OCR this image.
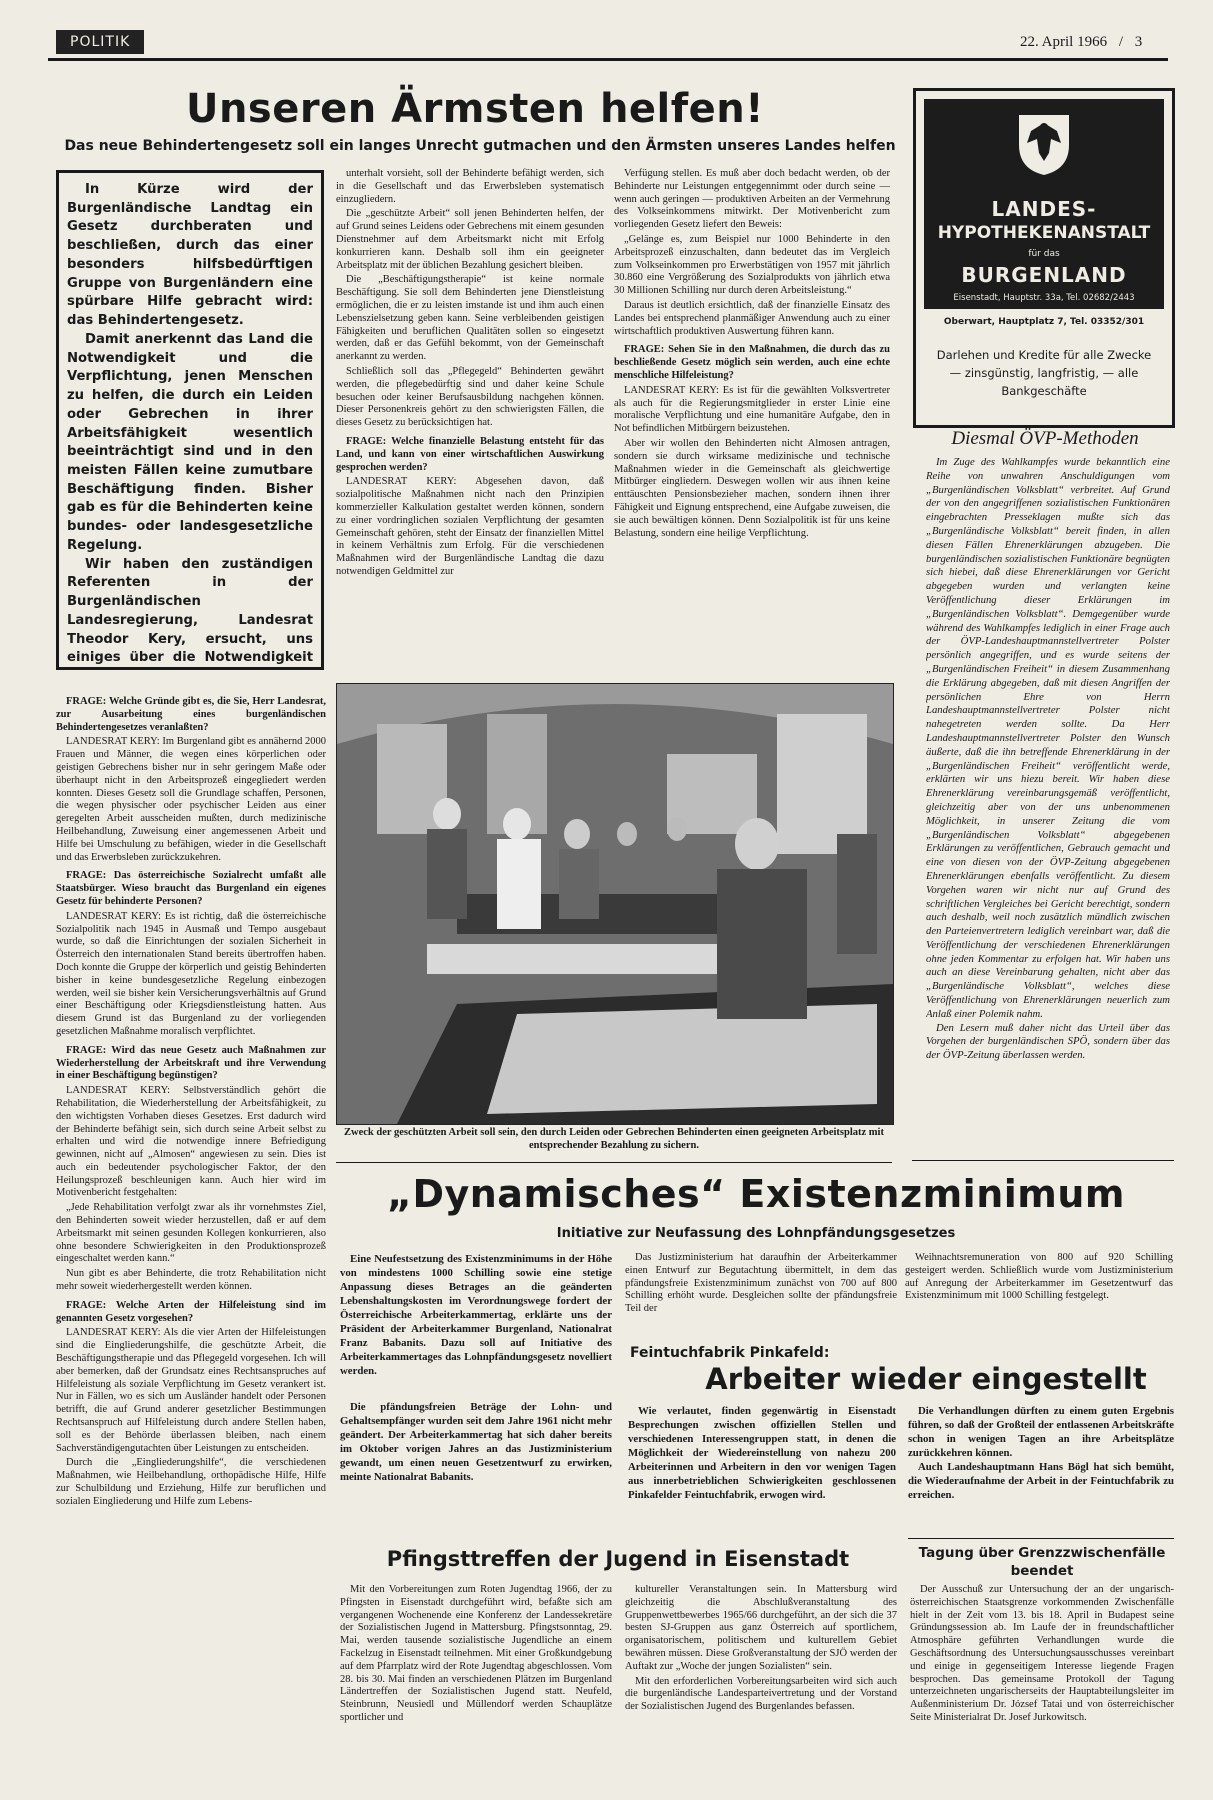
POLITIK	22. April 1966 / 3
Unseren Ärmsten helfen!
Das neue Behindertengesetz soll ein langes Unrecht gutmachen und den Ärmsten unseres Landes helfen

In Kürze wird der Burgenländische Landtag ein Gesetz durchberaten und beschließen, durch das einer besonders hilfsbedürftigen Gruppe von Burgenländern eine spürbare Hilfe gebracht wird: das Behindertengesetz.

Damit anerkennt das Land die Notwendigkeit und die Verpflichtung, jenen Menschen zu helfen, die durch ein Leiden oder Gebrechen in ihrer Arbeitsfähigkeit wesentlich beeinträchtigt sind und in den meisten Fällen keine zumutbare Beschäftigung finden. Bisher gab es für die Behinderten keine bundes- oder landesgesetzliche Regelung.

Wir haben den zuständigen Referenten in der Burgenländischen Landesregierung, Landesrat Theodor Kery, ersucht, uns einiges über die Notwendigkeit

FRAGE: Welche Gründe gibt es, die Sie, Herr Landesrat, zur Ausarbeitung eines burgenländischen Behindertengesetzes veranlaßten?

LANDESRAT KERY: Im Burgenland gibt es annähernd 2000 Frauen und Männer, die wegen eines körperlichen oder geistigen Gebrechens bisher nur in sehr geringem Maße oder überhaupt nicht in den Arbeitsprozeß eingegliedert werden konnten. Dieses Gesetz soll die Grundlage schaffen, Personen, die wegen physischer oder psychischer Leiden aus einer geregelten Arbeit ausscheiden mußten, durch medizinische Heilbehandlung, Zuweisung einer angemessenen Arbeit und Hilfe bei Umschulung zu befähigen, wieder in die Gesellschaft und das Erwerbsleben zurückzukehren.

FRAGE: Das österreichische Sozialrecht umfaßt alle Staatsbürger. Wieso braucht das Burgenland ein eigenes Gesetz für behinderte Personen?

LANDESRAT KERY: Es ist richtig, daß die österreichische Sozialpolitik nach 1945 in Ausmaß und Tempo ausgebaut wurde, so daß die Einrichtungen der sozialen Sicherheit in Österreich den internationalen Stand bereits übertroffen haben. Doch konnte die Gruppe der körperlich und geistig Behinderten bisher in keine bundesgesetzliche Regelung einbezogen werden, weil sie bisher kein Versicherungsverhältnis auf Grund einer Beschäftigung oder Kriegsdienstleistung hatten. Aus diesem Grund ist das Burgenland zu der vorliegenden gesetzlichen Maßnahme moralisch verpflichtet.

FRAGE: Wird das neue Gesetz auch Maßnahmen zur Wiederherstellung der Arbeitskraft und ihre Verwendung in einer Beschäftigung begünstigen?

LANDESRAT KERY: Selbstverständlich gehört die Rehabilitation, die Wiederherstellung der Arbeitsfähigkeit, zu den wichtigsten Vorhaben dieses Gesetzes. Erst dadurch wird der Behinderte befähigt sein, sich durch seine Arbeit selbst zu erhalten und wird die notwendige innere Befriedigung gewinnen, nicht auf „Almosen“ angewiesen zu sein. Dies ist auch ein bedeutender psychologischer Faktor, der den Heilungsprozeß beschleunigen kann. Auch hier wird im Motivenbericht festgehalten:

„Jede Rehabilitation verfolgt zwar als ihr vornehmstes Ziel, den Behinderten soweit wieder herzustellen, daß er auf dem Arbeitsmarkt mit seinen gesunden Kollegen konkurrieren, also ohne besondere Schwierigkeiten in den Produktionsprozeß eingeschaltet werden kann.“

Nun gibt es aber Behinderte, die trotz Rehabilitation nicht mehr soweit wiederhergestellt werden können.

FRAGE: Welche Arten der Hilfeleistung sind im genannten Gesetz vorgesehen?

LANDESRAT KERY: Als die vier Arten der Hilfeleistungen sind die Eingliederungshilfe, die geschützte Arbeit, die Beschäftigungstherapie und das Pflegegeld vorgesehen. Ich will aber bemerken, daß der Grundsatz eines Rechtsanspruches auf Hilfeleistung als soziale Verpflichtung im Gesetz verankert ist. Nur in Fällen, wo es sich um Ausländer handelt oder Personen betrifft, die auf Grund anderer gesetzlicher Bestimmungen Rechtsanspruch auf Hilfeleistung durch andere Stellen haben, soll es der Behörde überlassen bleiben, nach einem Sachverständigengutachten über Leistungen zu entscheiden.

Durch die „Eingliederungshilfe“, die verschiedenen Maßnahmen, wie Heilbehandlung, orthopädische Hilfe, Hilfe zur Schulbildung und Erziehung, Hilfe zur beruflichen und sozialen Eingliederung und Hilfe zum Lebens-

unterhalt vorsieht, soll der Behinderte befähigt werden, sich in die Gesellschaft und das Erwerbsleben systematisch einzugliedern.

Die „geschützte Arbeit“ soll jenen Behinderten helfen, der auf Grund seines Leidens oder Gebrechens mit einem gesunden Dienstnehmer auf dem Arbeitsmarkt nicht mit Erfolg konkurrieren kann. Deshalb soll ihm ein geeigneter Arbeitsplatz mit der üblichen Bezahlung gesichert bleiben.

Die „Beschäftigungstherapie“ ist keine normale Beschäftigung. Sie soll dem Behinderten jene Dienstleistung ermöglichen, die er zu leisten imstande ist und ihm auch einen Lebenszielsetzung geben kann. Seine verbleibenden geistigen Fähigkeiten und beruflichen Qualitäten sollen so eingesetzt werden, daß er das Gefühl bekommt, von der Gemeinschaft anerkannt zu werden.

Schließlich soll das „Pflegegeld“ Behinderten gewährt werden, die pflegebedürftig sind und daher keine Schule besuchen oder keiner Berufsausbildung nachgehen können. Dieser Personenkreis gehört zu den schwierigsten Fällen, die dieses Gesetz zu berücksichtigen hat.

FRAGE: Welche finanzielle Belastung entsteht für das Land, und kann von einer wirtschaftlichen Auswirkung gesprochen werden?

LANDESRAT KERY: Abgesehen davon, daß sozialpolitische Maßnahmen nicht nach den Prinzipien kommerzieller Kalkulation gestaltet werden können, sondern zu einer vordringlichen sozialen Verpflichtung der gesamten Gemeinschaft gehören, steht der Einsatz der finanziellen Mittel in keinem Verhältnis zum Erfolg. Für die verschiedenen Maßnahmen wird der Burgenländische Landtag die dazu notwendigen Geldmittel zur

Verfügung stellen. Es muß aber doch bedacht werden, ob der Behinderte nur Leistungen entgegennimmt oder durch seine — wenn auch geringen — produktiven Arbeiten an der Vermehrung des Volkseinkommens mitwirkt. Der Motivenbericht zum vorliegenden Gesetz liefert den Beweis:

„Gelänge es, zum Beispiel nur 1000 Behinderte in den Arbeitsprozeß einzuschalten, dann bedeutet das im Vergleich zum Volkseinkommen pro Erwerbstätigen von 1957 mit jährlich 30.860 eine Vergrößerung des Sozialprodukts von jährlich etwa 30 Millionen Schilling nur durch deren Arbeitsleistung.“

Daraus ist deutlich ersichtlich, daß der finanzielle Einsatz des Landes bei entsprechend planmäßiger Anwendung auch zu einer wirtschaftlich produktiven Auswertung führen kann.

FRAGE: Sehen Sie in den Maßnahmen, die durch das zu beschließende Gesetz möglich sein werden, auch eine echte menschliche Hilfeleistung?

LANDESRAT KERY: Es ist für die gewählten Volksvertreter als auch für die Regierungsmitglieder in erster Linie eine moralische Verpflichtung und eine humanitäre Aufgabe, den in Not befindlichen Mitbürgern beizustehen.

Aber wir wollen den Behinderten nicht Almosen antragen, sondern sie durch wirksame medizinische und technische Maßnahmen wieder in die Gemeinschaft als gleichwertige Mitbürger eingliedern. Deswegen wollen wir aus ihnen keine enttäuschten Pensionsbezieher machen, sondern ihnen ihrer Fähigkeit und Eignung entsprechend, eine Aufgabe zuweisen, die sie auch bewältigen können. Denn Sozialpolitik ist für uns keine Belastung, sondern eine heilige Verpflichtung.

Zweck der geschützten Arbeit soll sein, den durch Leiden oder Gebrechen Behinderten einen geeigneten Arbeitsplatz mit entsprechender Bezahlung zu sichern.
LANDES-
HYPOTHEKENANSTALT
für das
BURGENLAND
Eisenstadt, Hauptstr. 33a, Tel. 02682/2443
Oberwart, Hauptplatz 7, Tel. 03352/301
Darlehen und Kredite für alle Zwecke — zinsgünstig, langfristig, — alle Bankgeschäfte
Diesmal ÖVP-Methoden

Im Zuge des Wahlkampfes wurde bekanntlich eine Reihe von unwahren Anschuldigungen vom „Burgenländischen Volksblatt“ verbreitet. Auf Grund der von den angegriffenen sozialistischen Funktionären eingebrachten Presseklagen mußte sich das „Burgenländische Volksblatt“ bereit finden, in allen diesen Fällen Ehrenerklärungen abzugeben. Die burgenländischen sozialistischen Funktionäre begnügten sich hiebei, daß diese Ehrenerklärungen vor Gericht abgegeben wurden und verlangten keine Veröffentlichung dieser Erklärungen im „Burgenländischen Volksblatt“. Demgegenüber wurde während des Wahlkampfes lediglich in einer Frage auch der ÖVP-Landeshauptmannstellvertreter Polster persönlich angegriffen, und es wurde seitens der „Burgenländischen Freiheit“ in diesem Zusammenhang die Erklärung abgegeben, daß mit diesen Angriffen der persönlichen Ehre von Herrn Landeshauptmannstellvertreter Polster nicht nahegetreten werden sollte. Da Herr Landeshauptmannstellvertreter Polster den Wunsch äußerte, daß die ihn betreffende Ehrenerklärung in der „Burgenländischen Freiheit“ veröffentlicht werde, erklärten wir uns hiezu bereit. Wir haben diese Ehrenerklärung vereinbarungsgemäß veröffentlicht, gleichzeitig aber von der uns unbenommenen Möglichkeit, in unserer Zeitung die vom „Burgenländischen Volksblatt“ abgegebenen Erklärungen zu veröffentlichen, Gebrauch gemacht und eine von diesen von der ÖVP-Zeitung abgegebenen Ehrenerklärungen ebenfalls veröffentlicht. Zu diesem Vorgehen waren wir nicht nur auf Grund des schriftlichen Vergleiches bei Gericht berechtigt, sondern auch deshalb, weil noch zusätzlich mündlich zwischen den Parteienvertretern lediglich vereinbart war, daß die Veröffentlichung der verschiedenen Ehrenerklärungen ohne jeden Kommentar zu erfolgen hat. Wir haben uns auch an diese Vereinbarung gehalten, nicht aber das „Burgenländische Volksblatt“, welches diese Veröffentlichung von Ehrenerklärungen neuerlich zum Anlaß einer Polemik nahm.

Den Lesern muß daher nicht das Urteil über das Vorgehen der burgenländischen SPÖ, sondern über das der ÖVP-Zeitung überlassen werden.

„Dynamisches“ Existenzminimum
Initiative zur Neufassung des Lohnpfändungsgesetzes

Eine Neufestsetzung des Existenzminimums in der Höhe von mindestens 1000 Schilling sowie eine stetige Anpassung dieses Betrages an die geänderten Lebenshaltungskosten im Verordnungswege fordert der Österreichische Arbeiterkammertag, erklärte uns der Präsident der Arbeiterkammer Burgenland, Nationalrat Franz Babanits. Dazu soll auf Initiative des Arbeiterkammertages das Lohnpfändungsgesetz novelliert werden.

Die pfändungsfreien Beträge der Lohn- und Gehaltsempfänger wurden seit dem Jahre 1961 nicht mehr geändert. Der Arbeiterkammertag hat sich daher bereits im Oktober vorigen Jahres an das Justizministerium gewandt, um einen neuen Gesetzentwurf zu erwirken, meinte Nationalrat Babanits.

Das Justizministerium hat daraufhin der Arbeiterkammer einen Entwurf zur Begutachtung übermittelt, in dem das pfändungsfreie Existenzminimum zunächst von 700 auf 800 Schilling erhöht wurde. Desgleichen sollte der pfändungsfreie Teil der

Weihnachtsremuneration von 800 auf 920 Schilling gesteigert werden. Schließlich wurde vom Justizministerium auf Anregung der Arbeiterkammer im Gesetzentwurf das Existenzminimum mit 1000 Schilling festgelegt.

Feintuchfabrik Pinkafeld:
Arbeiter wieder eingestellt

Wie verlautet, finden gegenwärtig in Eisenstadt Besprechungen zwischen offiziellen Stellen und verschiedenen Interessengruppen statt, in denen die Möglichkeit der Wiedereinstellung von nahezu 200 Arbeiterinnen und Arbeitern in den vor wenigen Tagen aus innerbetrieblichen Schwierigkeiten geschlossenen Pinkafelder Feintuchfabrik, erwogen wird.

Die Verhandlungen dürften zu einem guten Ergebnis führen, so daß der Großteil der entlassenen Arbeitskräfte schon in wenigen Tagen an ihre Arbeitsplätze zurückkehren können.

Auch Landeshauptmann Hans Bögl hat sich bemüht, die Wiederaufnahme der Arbeit in der Feintuchfabrik zu erreichen.

Pfingsttreffen der Jugend in Eisenstadt

Mit den Vorbereitungen zum Roten Jugendtag 1966, der zu Pfingsten in Eisenstadt durchgeführt wird, befaßte sich am vergangenen Wochenende eine Konferenz der Landessekretäre der Sozialistischen Jugend in Mattersburg. Pfingstsonntag, 29. Mai, werden tausende sozialistische Jugendliche an einem Fackelzug in Eisenstadt teilnehmen. Mit einer Großkundgebung auf dem Pfarrplatz wird der Rote Jugendtag abgeschlossen. Vom 28. bis 30. Mai finden an verschiedenen Plätzen im Burgenland Ländertreffen der Sozialistischen Jugend statt. Neufeld, Steinbrunn, Neusiedl und Müllendorf werden Schauplätze sportlicher und

kultureller Veranstaltungen sein. In Mattersburg wird gleichzeitig die Abschlußveranstaltung des Gruppenwettbewerbes 1965/66 durchgeführt, an der sich die 37 besten SJ-Gruppen aus ganz Österreich auf sportlichem, organisatorischem, politischem und kulturellem Gebiet bewähren müssen. Diese Großveranstaltung der SJÖ werden der Auftakt zur „Woche der jungen Sozialisten“ sein.

Mit den erforderlichen Vorbereitungsarbeiten wird sich auch die burgenländische Landesparteivertretung und der Vorstand der Sozialistischen Jugend des Burgenlandes befassen.

Tagung über Grenzzwischenfälle beendet

Der Ausschuß zur Untersuchung der an der ungarisch-österreichischen Staatsgrenze vorkommenden Zwischenfälle hielt in der Zeit vom 13. bis 18. April in Budapest seine Gründungssession ab. Im Laufe der in freundschaftlicher Atmosphäre geführten Verhandlungen wurde die Geschäftsordnung des Untersuchungsausschusses vereinbart und einige in gegenseitigem Interesse liegende Fragen besprochen. Das gemeinsame Protokoll der Tagung unterzeichneten ungarischerseits der Hauptabteilungsleiter im Außenministerium Dr. József Tatai und von österreichischer Seite Ministerialrat Dr. Josef Jurkowitsch.
